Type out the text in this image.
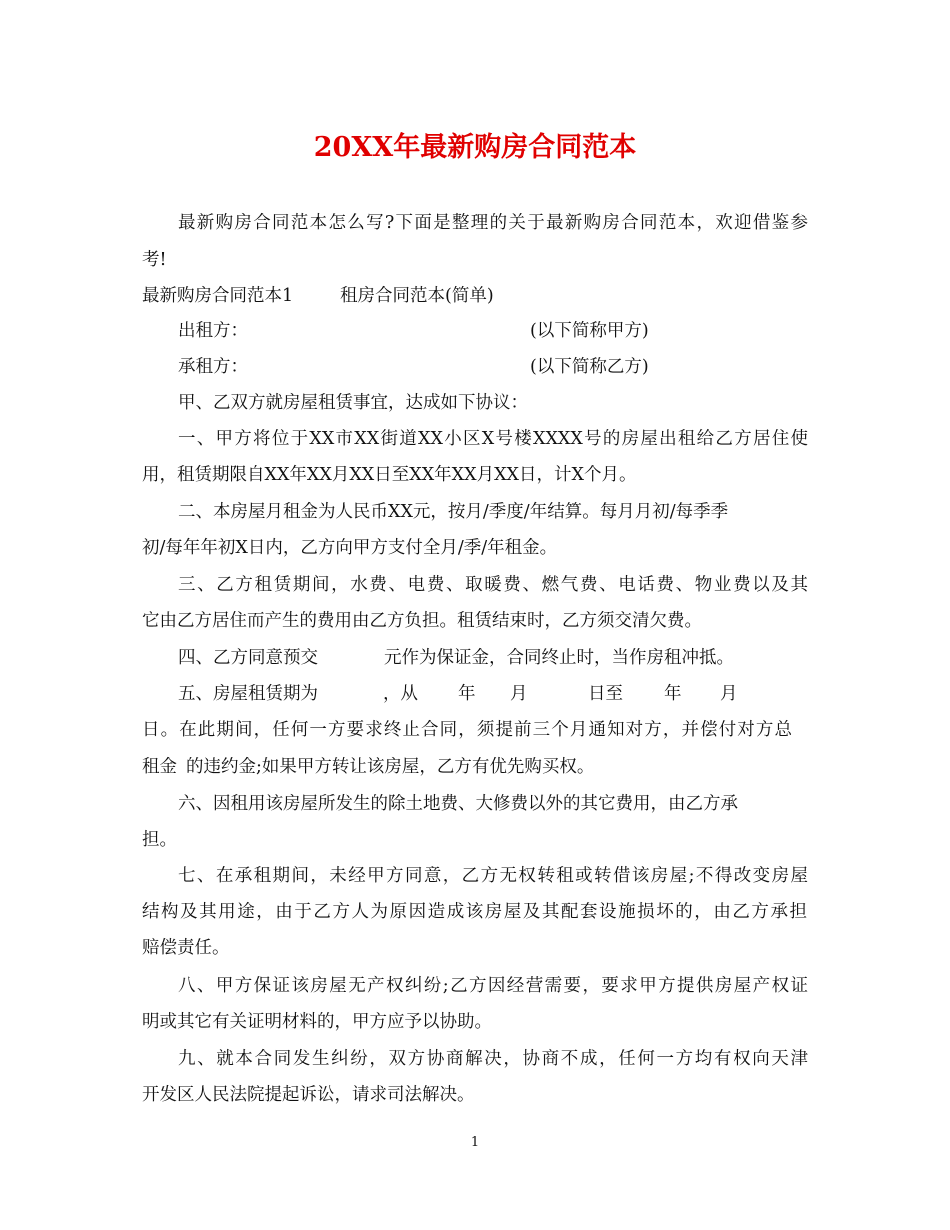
20XX年最新购房合同范本
最新购房合同范本怎么写?下面是整理的关于最新购房合同范本，欢迎借鉴参
考!
最新购房合同范本1	租房合同范本(简单)
出租方：	(以下简称甲方)
承租方：	(以下简称乙方)
甲、乙双方就房屋租赁事宜，达成如下协议：
一、甲方将位于XX市XX街道XX小区X号楼XXXX号的房屋出租给乙方居住使
用，租赁期限自XX年XX月XX日至XX年XX月XX日，计X个月。
二、本房屋月租金为人民币XX元，按月/季度/年结算。每月月初/每季季
初/每年年初X日内，乙方向甲方支付全月/季/年租金。
三、乙方租赁期间，水费、电费、取暖费、燃气费、电话费、物业费以及其
它由乙方居住而产生的费用由乙方负担。租赁结束时，乙方须交清欠费。
四、乙方同意预交	元作为保证金，合同终止时，当作房租冲抵。
五、房屋租赁期为	，从 年 月	日至 年 月
日。在此期间，任何一方要求终止合同，须提前三个月通知对方，并偿付对方总
租金 的违约金;如果甲方转让该房屋，乙方有优先购买权。
六、因租用该房屋所发生的除土地费、大修费以外的其它费用，由乙方承
担。
七、在承租期间，未经甲方同意，乙方无权转租或转借该房屋;不得改变房屋
结构及其用途，由于乙方人为原因造成该房屋及其配套设施损坏的，由乙方承担
赔偿责任。
八、甲方保证该房屋无产权纠纷;乙方因经营需要，要求甲方提供房屋产权证
明或其它有关证明材料的，甲方应予以协助。
九、就本合同发生纠纷，双方协商解决，协商不成，任何一方均有权向天津
开发区人民法院提起诉讼，请求司法解决。
1
